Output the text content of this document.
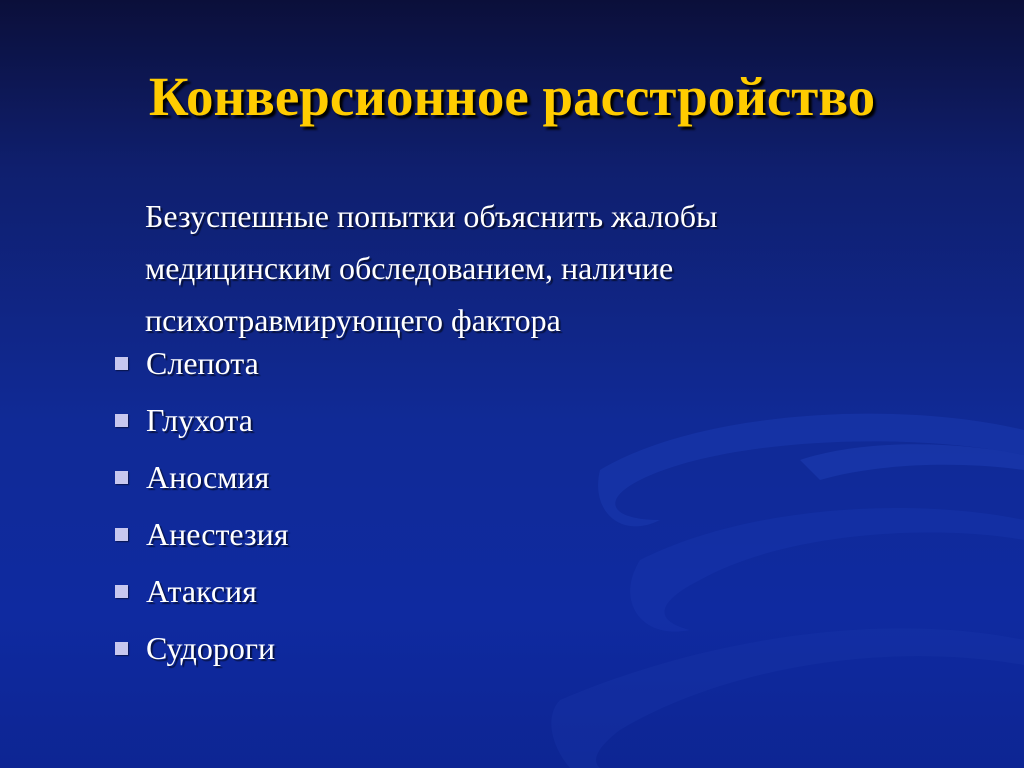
Конверсионное расстройство

Безуспешные попытки объяснить жалобы
медицинским обследованием, наличие
психотравмирующего фактора

Слепота
Глухота
Аносмия
Анестезия
Атаксия
Судороги
